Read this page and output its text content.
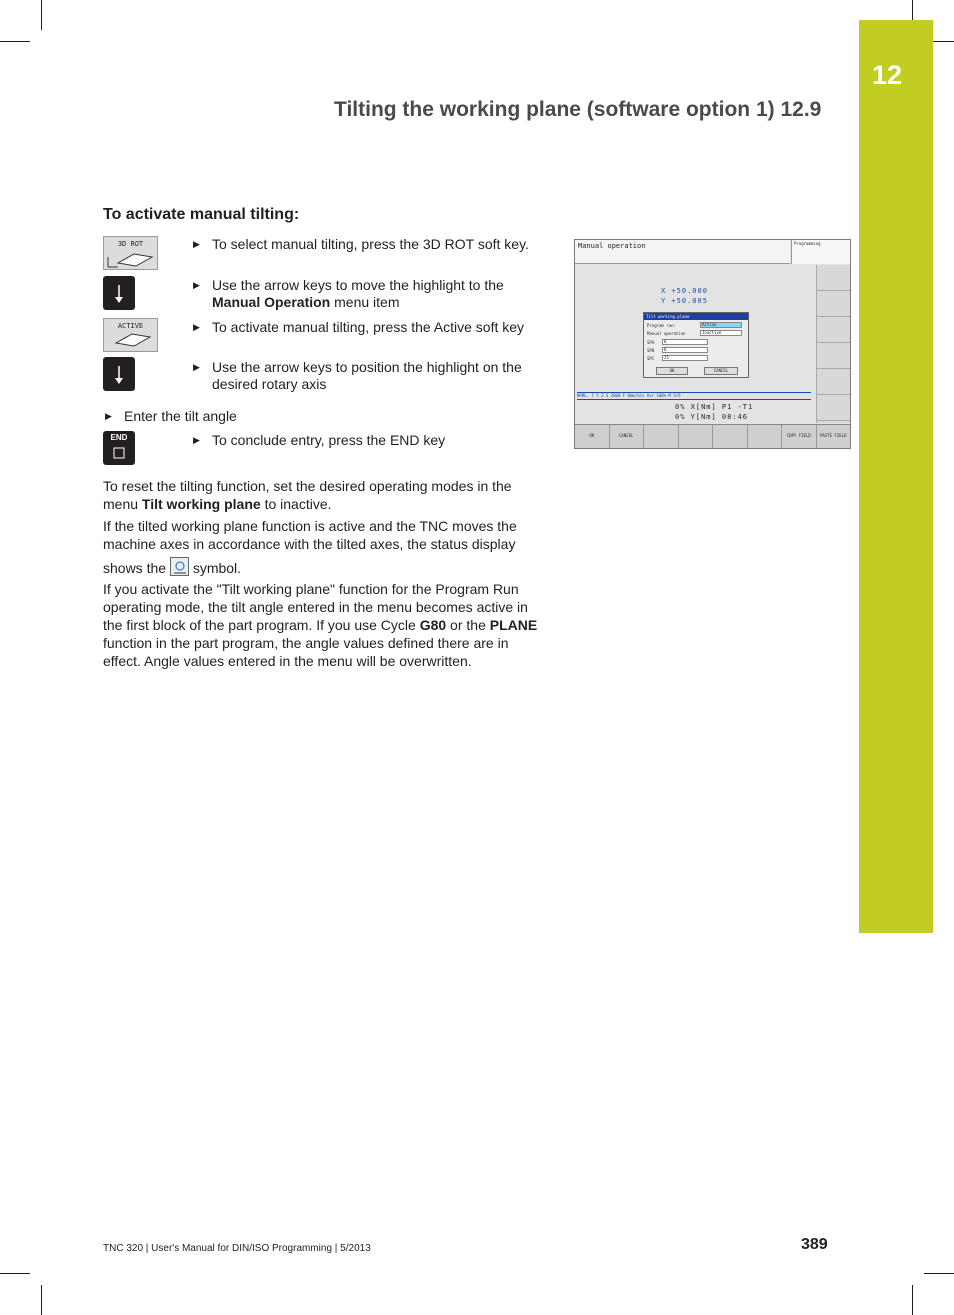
12
Tilting the working plane (software option 1) 12.9
To activate manual tilting:
3D ROT
ACTIVE
END
▶ To select manual tilting, press the 3D ROT soft key.
▶ Use the arrow keys to move the highlight to the Manual Operation menu item
▶ To activate manual tilting, press the Active soft key
▶ Use the arrow keys to position the highlight on the desired rotary axis
▶ Enter the tilt angle
▶ To conclude entry, press the END key
To reset the tilting function, set the desired operating modes in the menu Tilt working plane to inactive.
If the tilted working plane function is active and the TNC moves the machine axes in accordance with the tilted axes, the status display
shows the  symbol.
If you activate the "Tilt working plane" function for the Program Run operating mode, the tilt angle entered in the menu becomes active in the first block of the part program. If you use Cycle G80 or the PLANE function in the part program, the angle values defined there are in effect. Angle values entered in the menu will be overwritten.
Manual operation	Programming
X +50.000
Y +50.005
Tilt working plane
Program run:	Active
Manual operation	Inactive
SPA	0
SPB	0
SPC	25
OK	CANCEL
NOML. T 5 Z S 2000 F 0mm/min Ovr 100% M 5/9
0% X[Nm] P1 -T1
0% Y[Nm] 08:46
OK	CANCEL	COPY FIELD	PASTE FIELD
TNC 320 | User's Manual for DIN/ISO Programming | 5/2013	389
